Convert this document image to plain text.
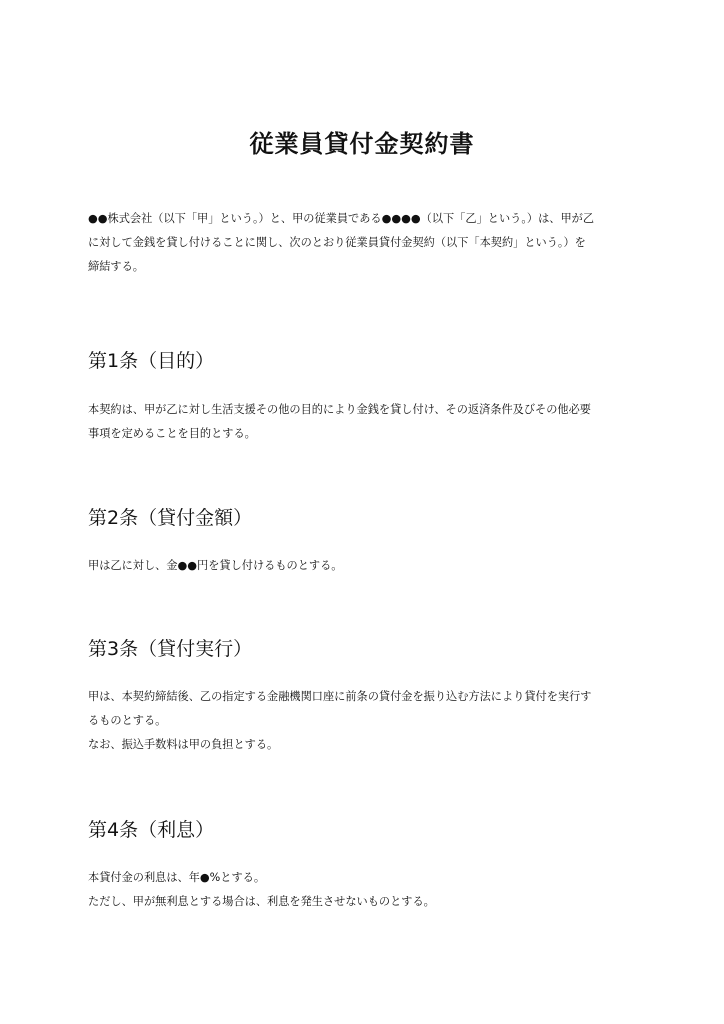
従業員貸付金契約書

●●株式会社（以下「甲」という。）と、甲の従業員である●●●●（以下「乙」という。）は、甲が乙

に対して金銭を貸し付けることに関し、次のとおり従業員貸付金契約（以下「本契約」という。）を

締結する。

第1条（目的）

本契約は、甲が乙に対し生活支援その他の目的により金銭を貸し付け、その返済条件及びその他必要

事項を定めることを目的とする。

第2条（貸付金額）

甲は乙に対し、金●●円を貸し付けるものとする。

第3条（貸付実行）

甲は、本契約締結後、乙の指定する金融機関口座に前条の貸付金を振り込む方法により貸付を実行す

るものとする。

なお、振込手数料は甲の負担とする。

第4条（利息）

本貸付金の利息は、年●%とする。

ただし、甲が無利息とする場合は、利息を発生させないものとする。
